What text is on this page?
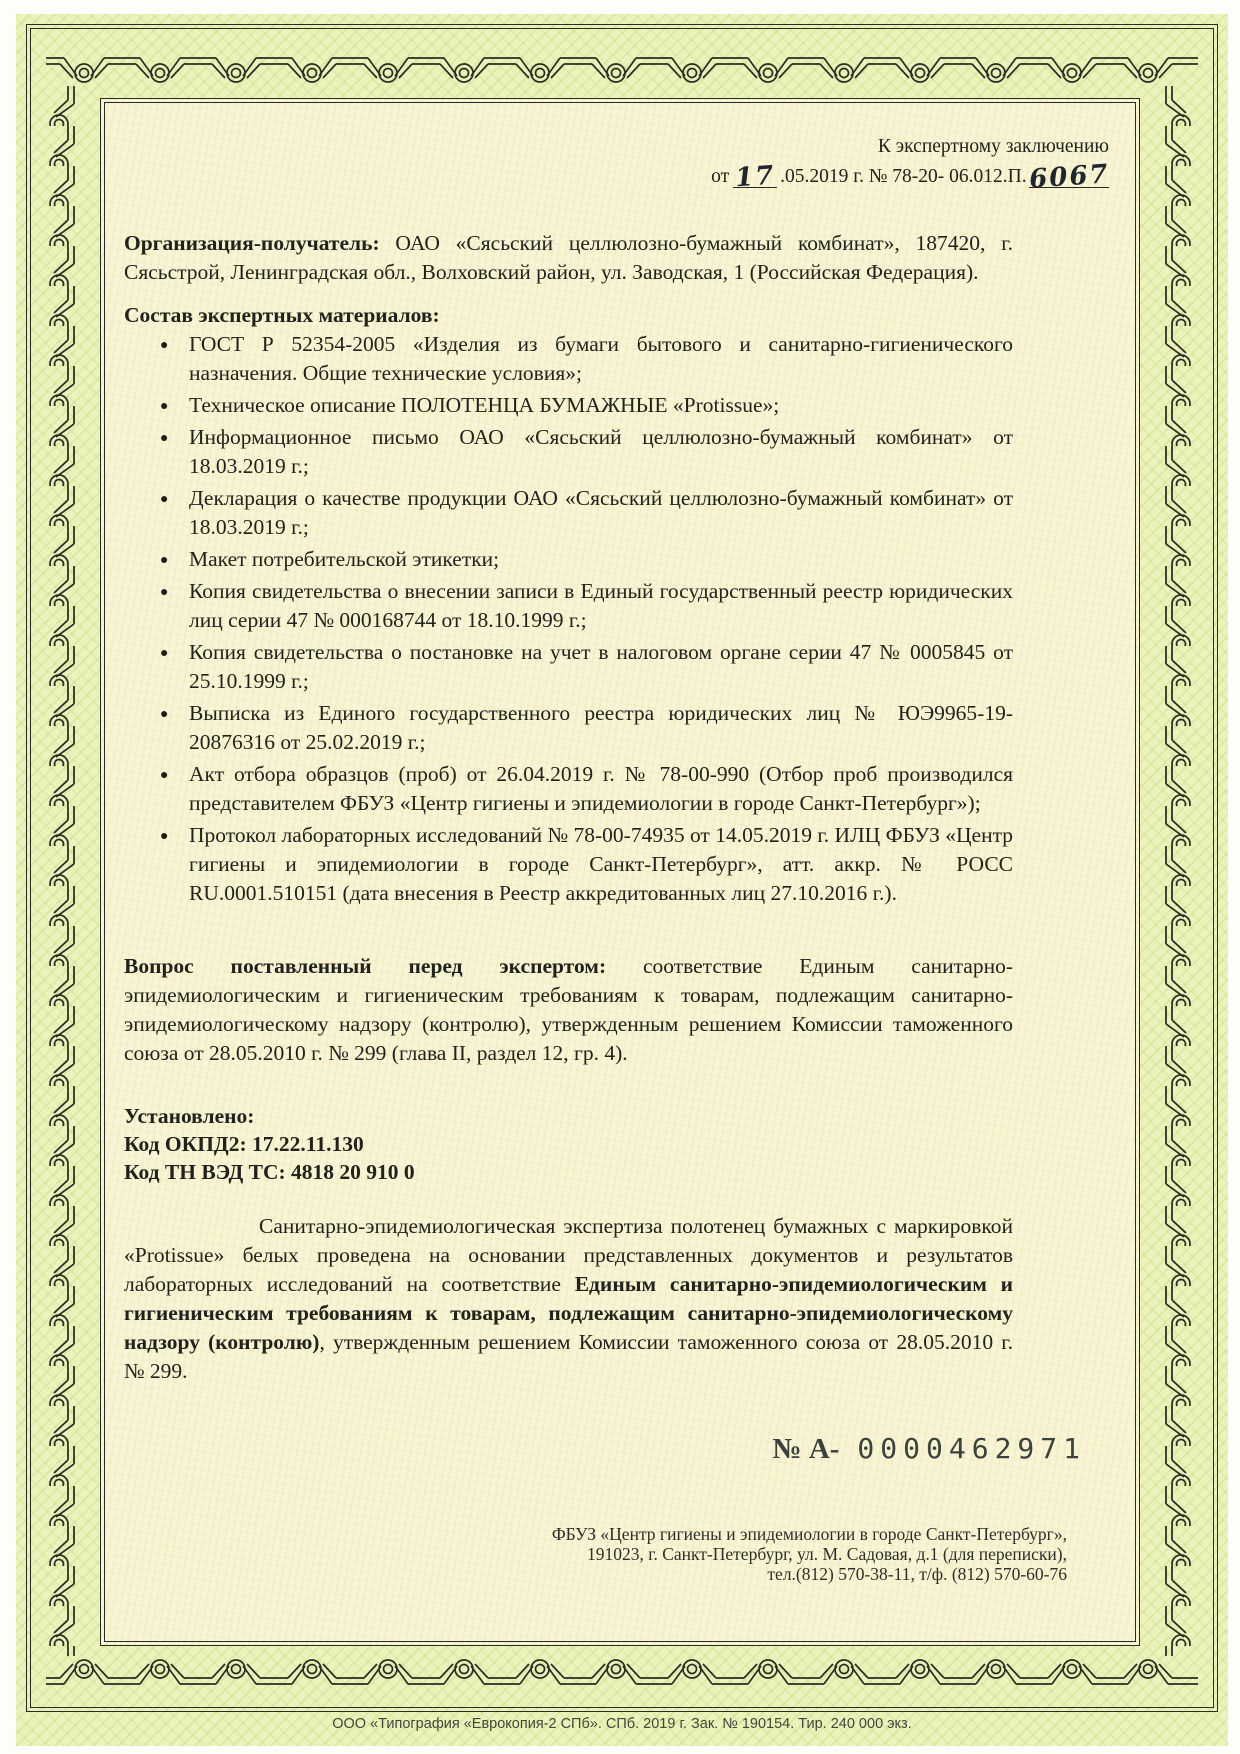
К экспертному заключению
от 17 .05.2019 г. № 78-20- 06.012.П.6067

Организация-получатель: ОАО «Сясьский целлюлозно-бумажный комбинат», 187420, г. Сясьстрой, Ленинградская обл., Волховский район, ул. Заводская, 1 (Российская Федерация).

Состав экспертных материалов:
● ГОСТ Р 52354-2005 «Изделия из бумаги бытового и санитарно-гигиенического назначения. Общие технические условия»;
● Техническое описание ПОЛОТЕНЦА БУМАЖНЫЕ «Protissue»;
● Информационное письмо ОАО «Сясьский целлюлозно-бумажный комбинат» от 18.03.2019 г.;
● Декларация о качестве продукции ОАО «Сясьский целлюлозно-бумажный комбинат» от 18.03.2019 г.;
● Макет потребительской этикетки;
● Копия свидетельства о внесении записи в Единый государственный реестр юридических лиц серии 47 № 000168744 от 18.10.1999 г.;
● Копия свидетельства о постановке на учет в налоговом органе серии 47 № 0005845 от 25.10.1999 г.;
● Выписка из Единого государственного реестра юридических лиц № ЮЭ9965-19-20876316 от 25.02.2019 г.;
● Акт отбора образцов (проб) от 26.04.2019 г. № 78-00-990 (Отбор проб производился представителем ФБУЗ «Центр гигиены и эпидемиологии в городе Санкт-Петербург»);
● Протокол лабораторных исследований № 78-00-74935 от 14.05.2019 г. ИЛЦ ФБУЗ «Центр гигиены и эпидемиологии в городе Санкт-Петербург», атт. аккр. № РОСС RU.0001.510151 (дата внесения в Реестр аккредитованных лиц 27.10.2016 г.).

Вопрос поставленный перед экспертом: соответствие Единым санитарно-эпидемиологическим и гигиеническим требованиям к товарам, подлежащим санитарно-эпидемиологическому надзору (контролю), утвержденным решением Комиссии таможенного союза от 28.05.2010 г. № 299 (глава II, раздел 12, гр. 4).

Установлено:
Код ОКПД2: 17.22.11.130
Код ТН ВЭД ТС: 4818 20 910 0

Санитарно-эпидемиологическая экспертиза полотенец бумажных с маркировкой «Protissue» белых проведена на основании представленных документов и результатов лабораторных исследований на соответствие Единым санитарно-эпидемиологическим и гигиеническим требованиям к товарам, подлежащим санитарно-эпидемиологическому надзору (контролю), утвержденным решением Комиссии таможенного союза от 28.05.2010 г. № 299.

№ А- 0000462971
ФБУЗ «Центр гигиены и эпидемиологии в городе Санкт-Петербург»,
191023, г. Санкт-Петербург, ул. М. Садовая, д.1 (для переписки),
тел.(812) 570-38-11, т/ф. (812) 570-60-76
ООО «Типография «Еврокопия-2 СПб». СПб. 2019 г. Зак. № 190154. Тир. 240 000 экз.
